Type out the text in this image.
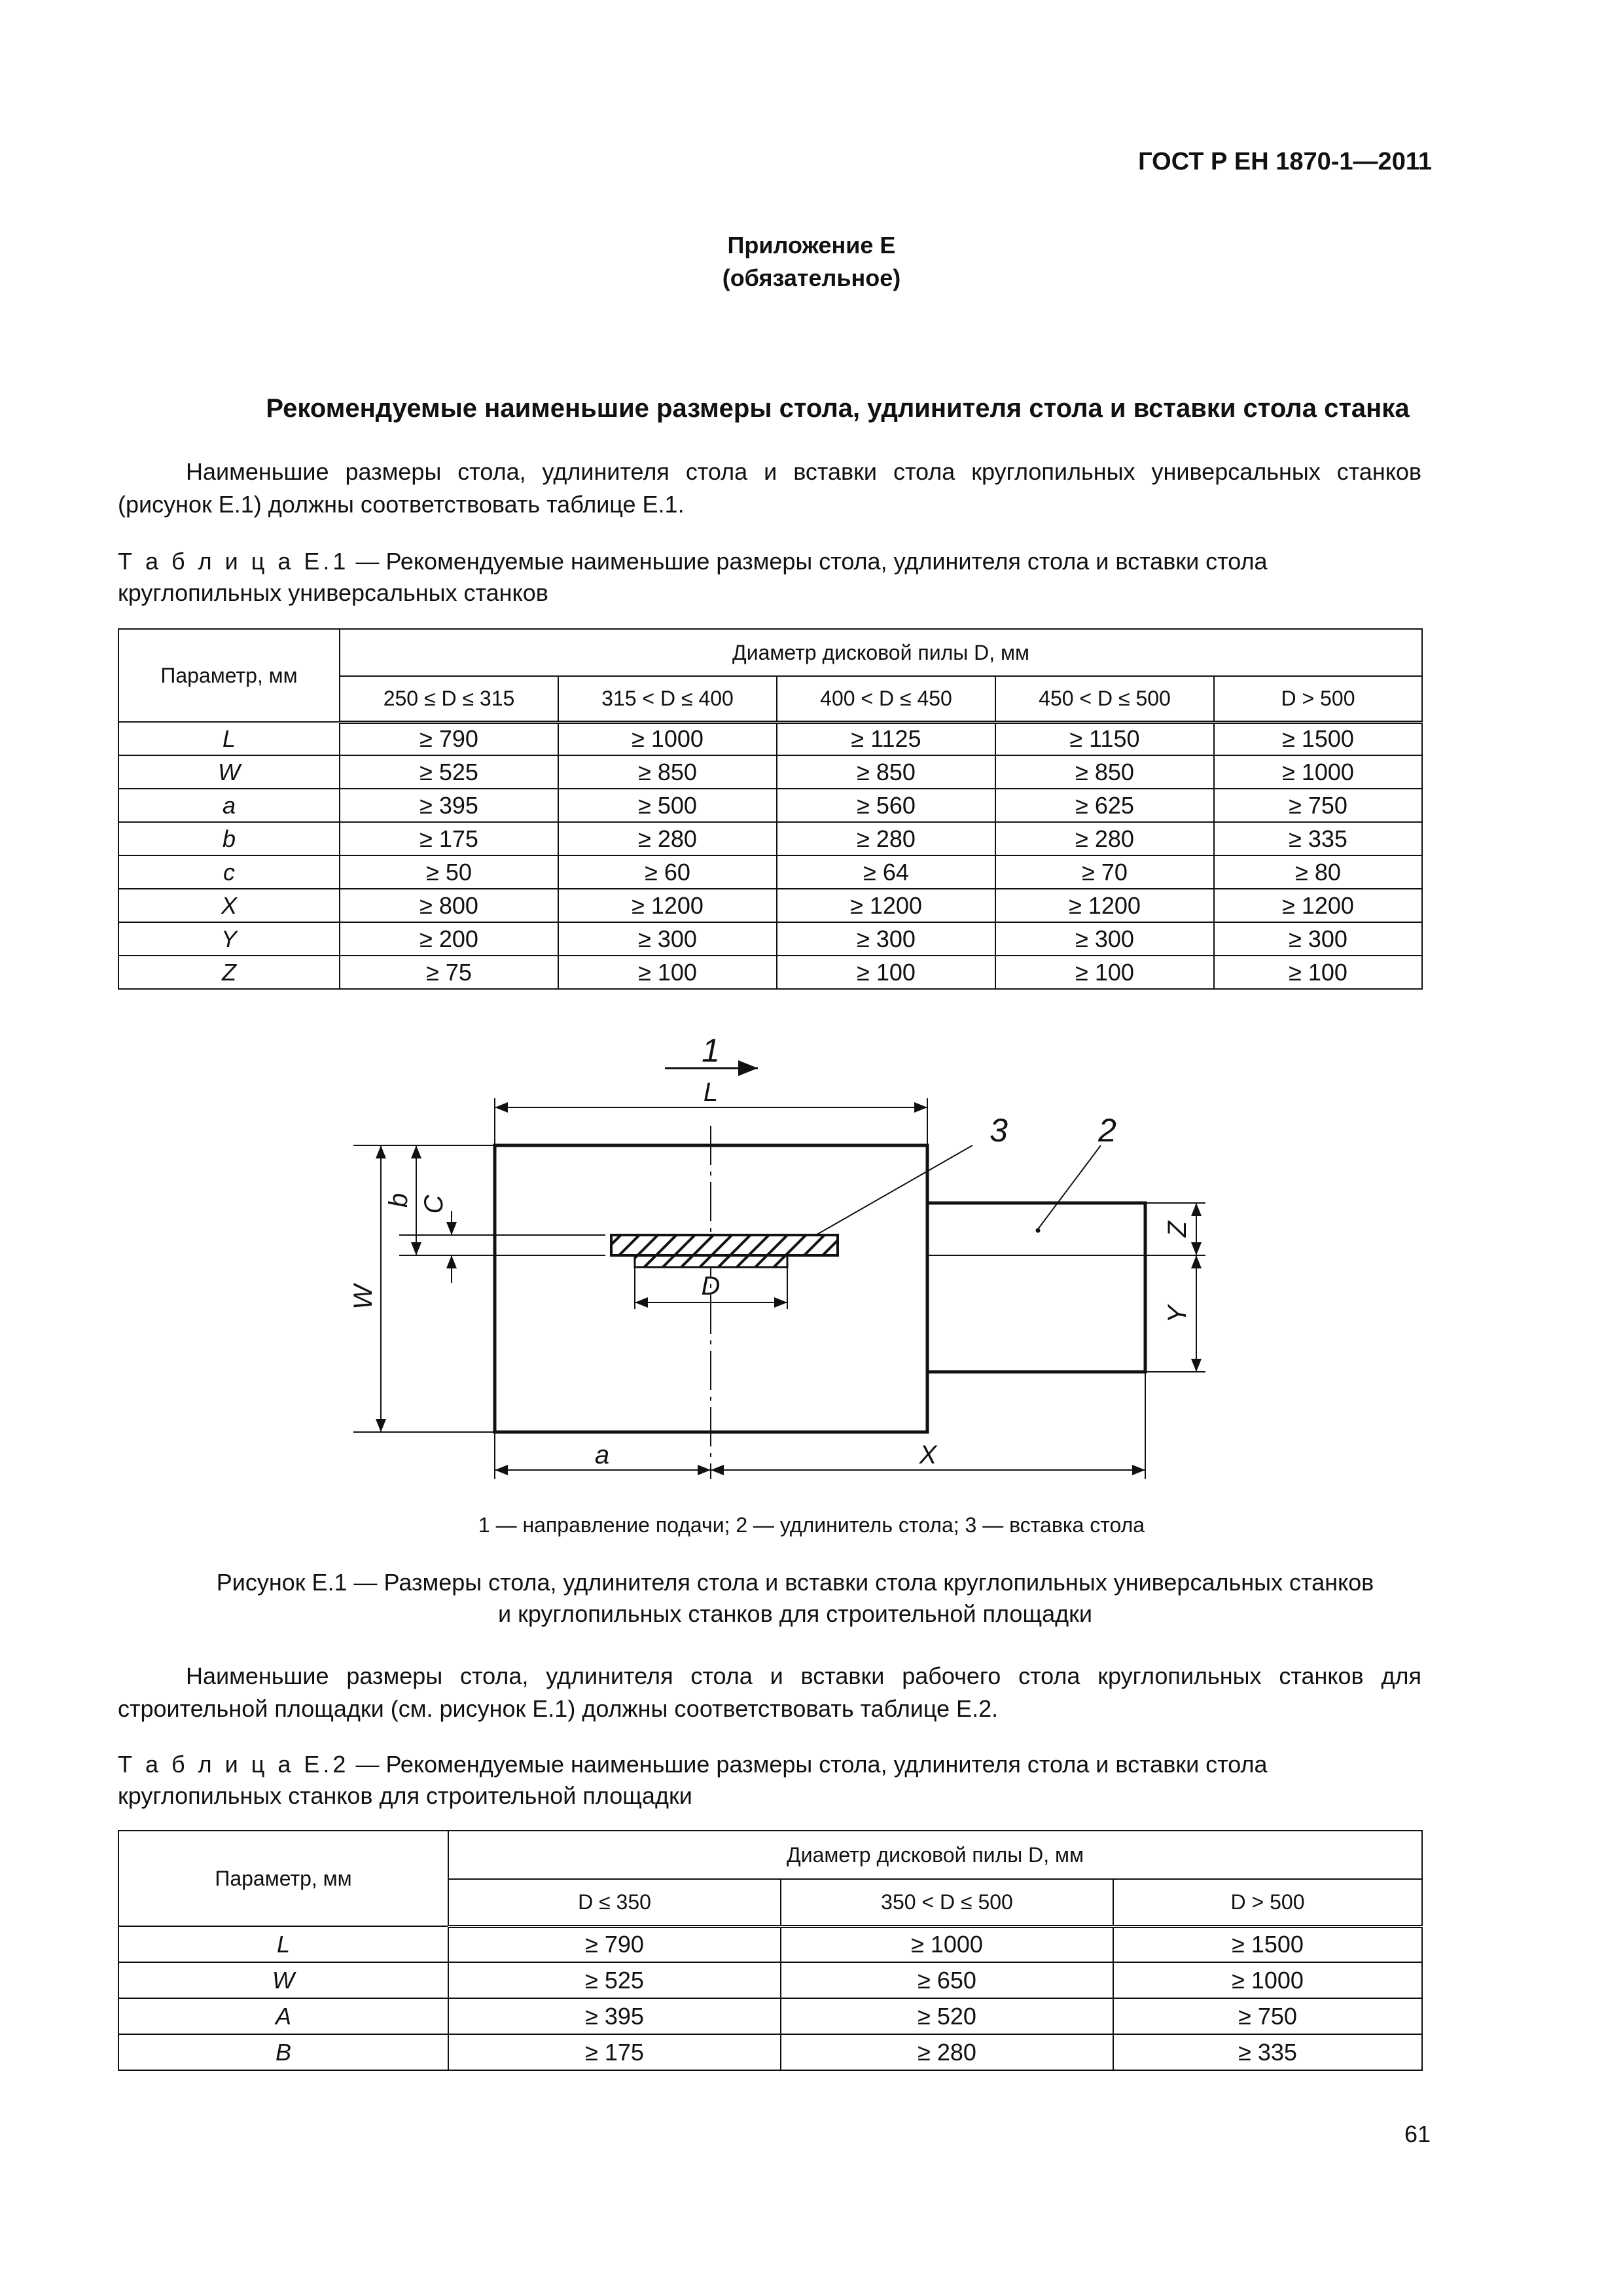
ГОСТ Р ЕН 1870-1—2011
Приложение Е
(обязательное)
Рекомендуемые наименьшие размеры стола, удлинителя стола и вставки стола станка
Наименьшие размеры стола, удлинителя стола и вставки стола круглопильных универсальных станков (рисунок Е.1) должны соответствовать таблице Е.1.
Т а б л и ц а Е.1 — Рекомендуемые наименьшие размеры стола, удлинителя стола и вставки стола круглопильных универсальных станков
Параметр, мм	Диаметр дисковой пилы D, мм				
	250 ≤ D ≤ 315	315 < D ≤ 400	400 < D ≤ 450	450 < D ≤ 500	D > 500
L	≥ 790	≥ 1000	≥ 1125	≥ 1150	≥ 1500
W	≥ 525	≥ 850	≥ 850	≥ 850	≥ 1000
a	≥ 395	≥ 500	≥ 560	≥ 625	≥ 750
b	≥ 175	≥ 280	≥ 280	≥ 280	≥ 335
c	≥ 50	≥ 60	≥ 64	≥ 70	≥ 80
X	≥ 800	≥ 1200	≥ 1200	≥ 1200	≥ 1200
Y	≥ 200	≥ 300	≥ 300	≥ 300	≥ 300
Z	≥ 75	≥ 100	≥ 100	≥ 100	≥ 100
1
L
3	2
D
a	X
W
b C
Z
Y
1 — направление подачи; 2 — удлинитель стола; 3 — вставка стола
Рисунок Е.1 — Размеры стола, удлинителя стола и вставки стола круглопильных универсальных станков
и круглопильных станков для строительной площадки
Наименьшие размеры стола, удлинителя стола и вставки рабочего стола круглопильных станков для строительной площадки (см. рисунок Е.1) должны соответствовать таблице Е.2.
Т а б л и ц а Е.2 — Рекомендуемые наименьшие размеры стола, удлинителя стола и вставки стола круглопильных станков для строительной площадки
Параметр, мм	Диаметр дисковой пилы D, мм		
	D ≤ 350	350 < D ≤ 500	D > 500
L	≥ 790	≥ 1000	≥ 1500
W	≥ 525	≥ 650	≥ 1000
A	≥ 395	≥ 520	≥ 750
B	≥ 175	≥ 280	≥ 335
61
